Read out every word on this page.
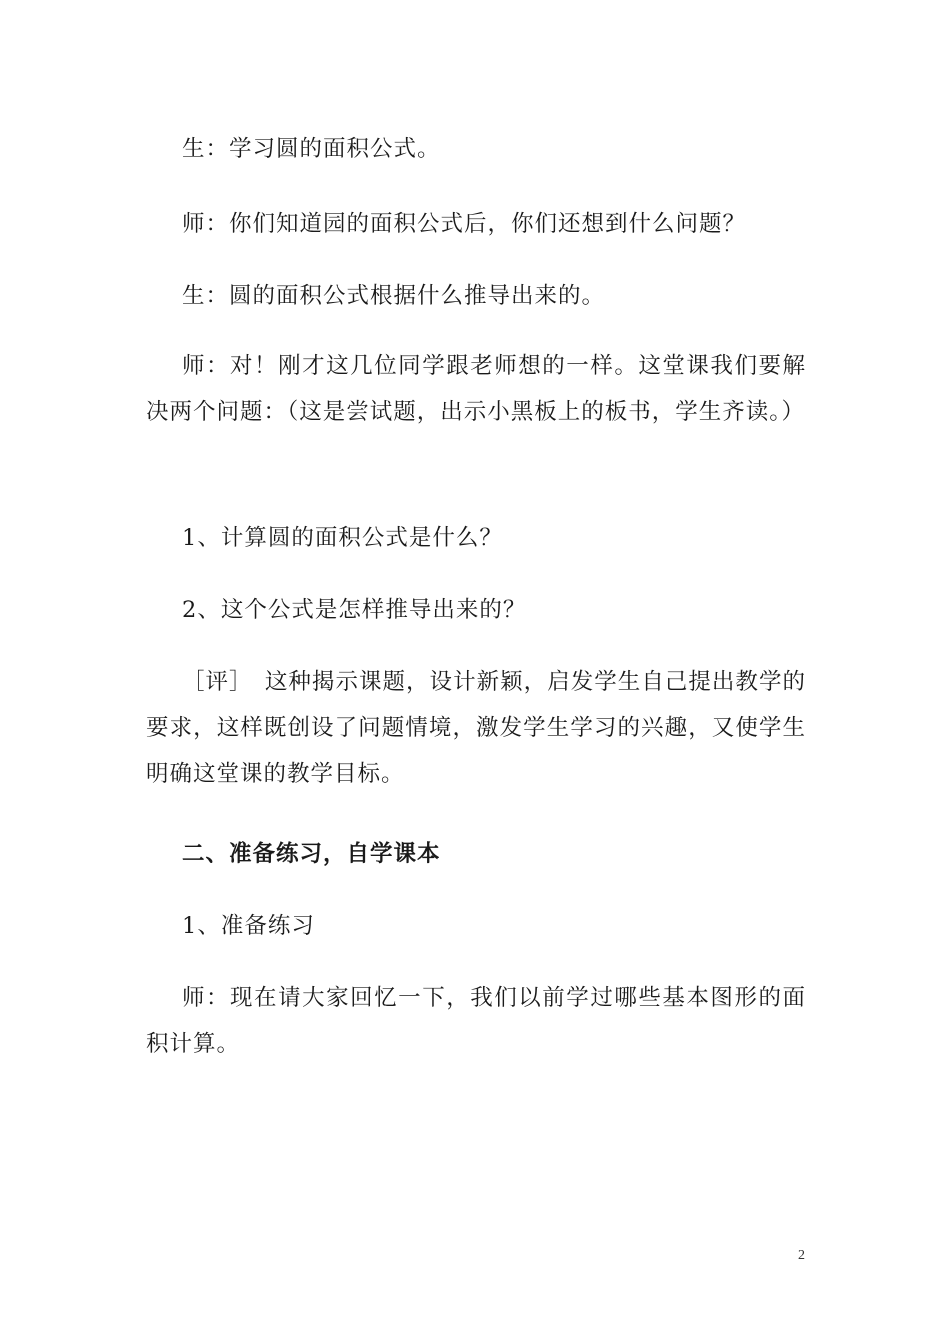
生：学习圆的面积公式。

师：你们知道园的面积公式后，你们还想到什么问题？

生：圆的面积公式根据什么推导出来的。

师：对！刚才这几位同学跟老师想的一样。这堂课我们要解决两个问题：（这是尝试题，出示小黑板上的板书，学生齐读。）

1、计算圆的面积公式是什么？

2、这个公式是怎样推导出来的？

［评］　这种揭示课题，设计新颖，启发学生自己提出教学的要求，这样既创设了问题情境，激发学生学习的兴趣，又使学生明确这堂课的教学目标。

二、准备练习，自学课本

1、准备练习

师：现在请大家回忆一下，我们以前学过哪些基本图形的面积计算。

2
